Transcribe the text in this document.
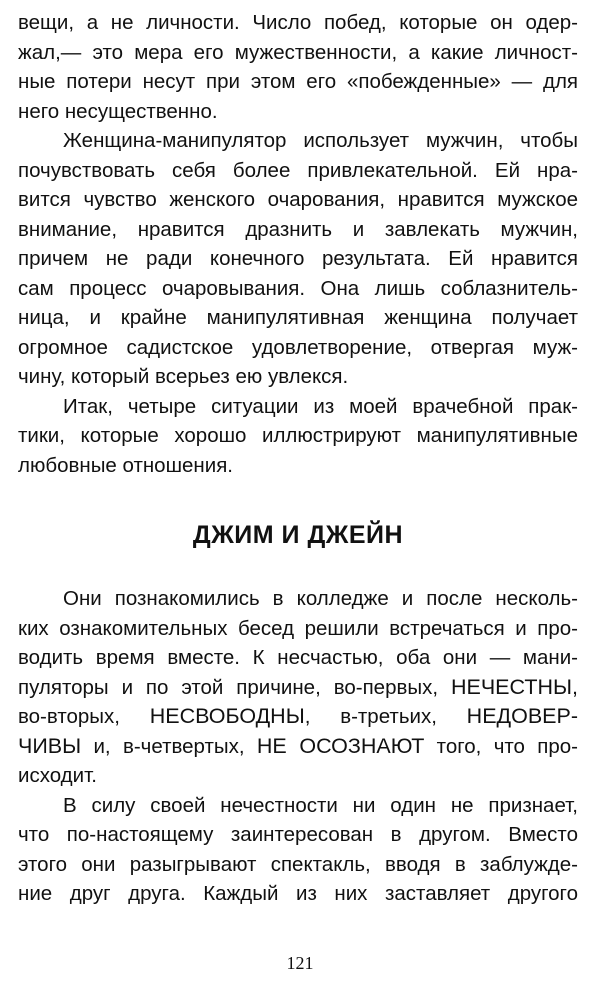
вещи, а не личности. Число побед, которые он одер-
жал,— это мера его мужественности, а какие личност-
ные потери несут при этом его «побежденные» — для
него несущественно.
Женщина-манипулятор использует мужчин, чтобы
почувствовать себя более привлекательной. Ей нра-
вится чувство женского очарования, нравится мужское
внимание, нравится дразнить и завлекать мужчин,
причем не ради конечного результата. Ей нравится
сам процесс очаровывания. Она лишь соблазнитель-
ница, и крайне манипулятивная женщина получает
огромное садистское удовлетворение, отвергая муж-
чину, который всерьез ею увлекся.
Итак, четыре ситуации из моей врачебной прак-
тики, которые хорошо иллюстрируют манипулятивные
любовные отношения.
ДЖИМ И ДЖЕЙН
Они познакомились в колледже и после несколь-
ких ознакомительных бесед решили встречаться и про-
водить время вместе. К несчастью, оба они — мани-
пуляторы и по этой причине, во-первых, НЕЧЕСТНЫ,
во-вторых, НЕСВОБОДНЫ, в-третьих, НЕДОВЕР-
ЧИВЫ и, в-четвертых, НЕ ОСОЗНАЮТ того, что про-
исходит.
В силу своей нечестности ни один не признает,
что по-настоящему заинтересован в другом. Вместо
этого они разыгрывают спектакль, вводя в заблужде-
ние друг друга. Каждый из них заставляет другого
121
